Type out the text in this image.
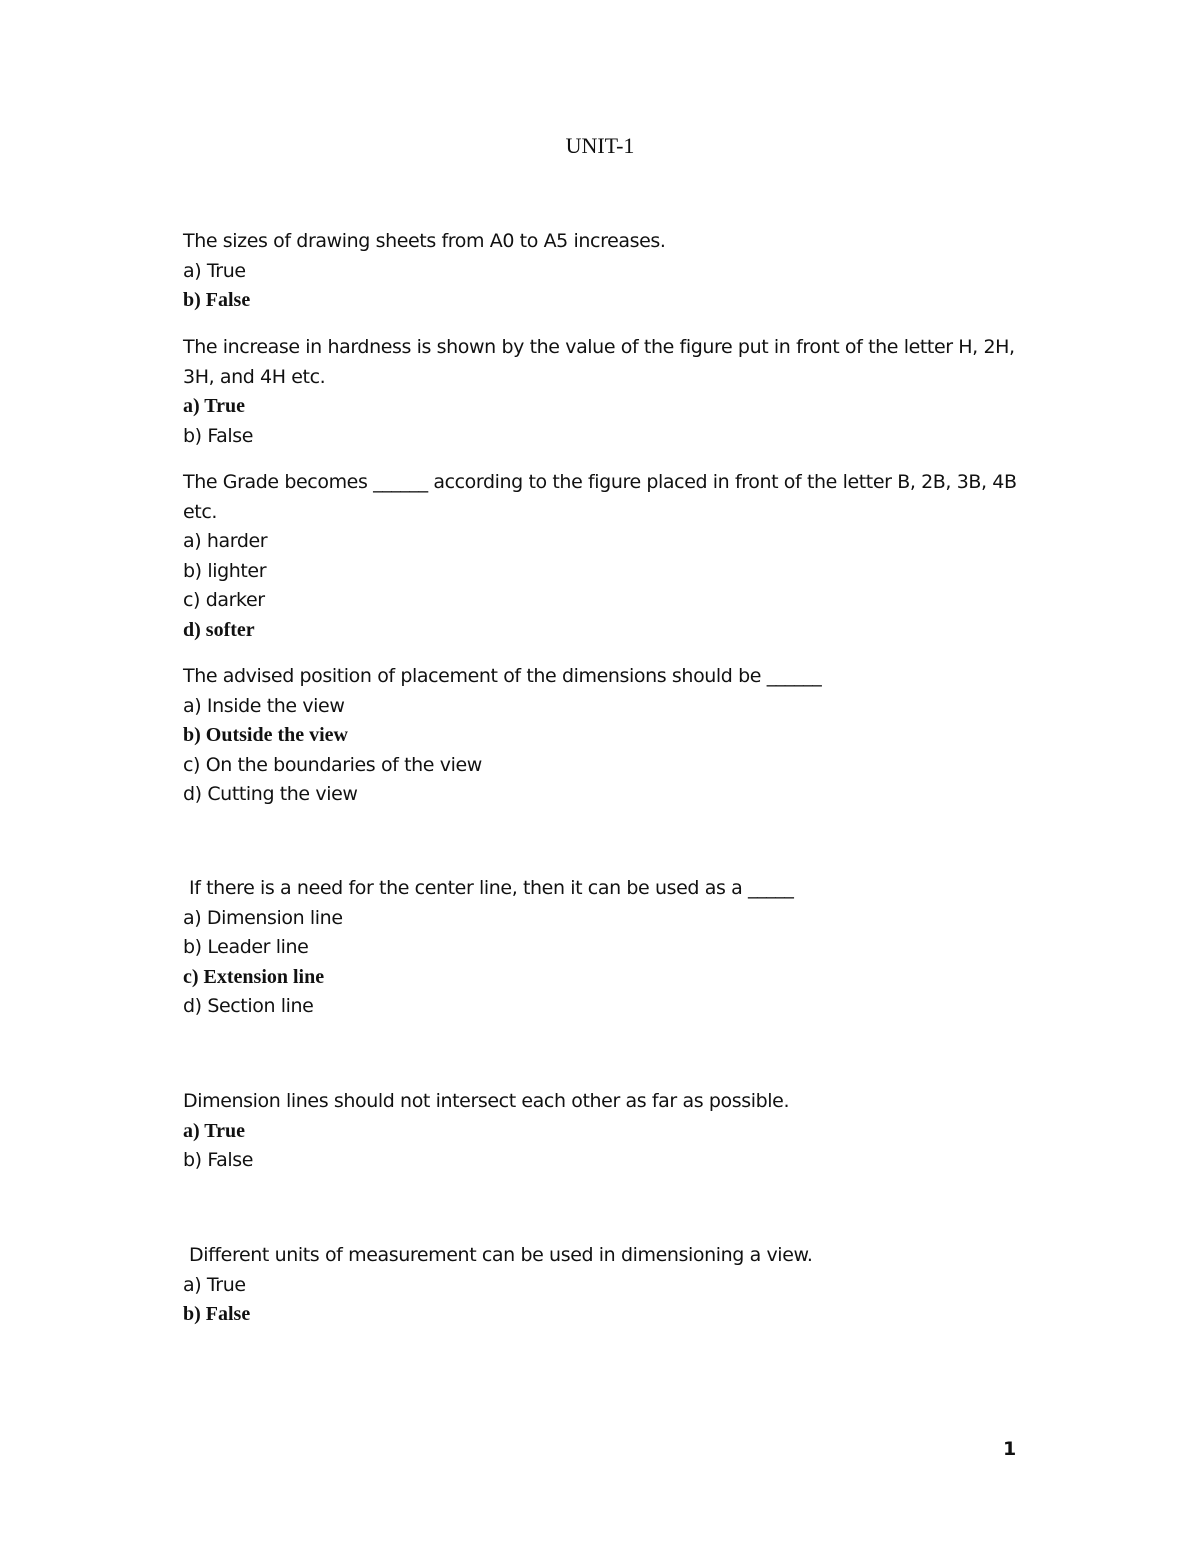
UNIT-1
The sizes of drawing sheets from A0 to A5 increases.
a) True
b) False
The increase in hardness is shown by the value of the figure put in front of the letter H, 2H, 3H, and 4H etc.
a) True
b) False
The Grade becomes ______ according to the figure placed in front of the letter B, 2B, 3B, 4B etc.
a) harder
b) lighter
c) darker
d) softer
The advised position of placement of the dimensions should be ______
a) Inside the view
b) Outside the view
c) On the boundaries of the view
d) Cutting the view
If there is a need for the center line, then it can be used as a _____
a) Dimension line
b) Leader line
c) Extension line
d) Section line
Dimension lines should not intersect each other as far as possible.
a) True
b) False
Different units of measurement can be used in dimensioning a view.
a) True
b) False
1
